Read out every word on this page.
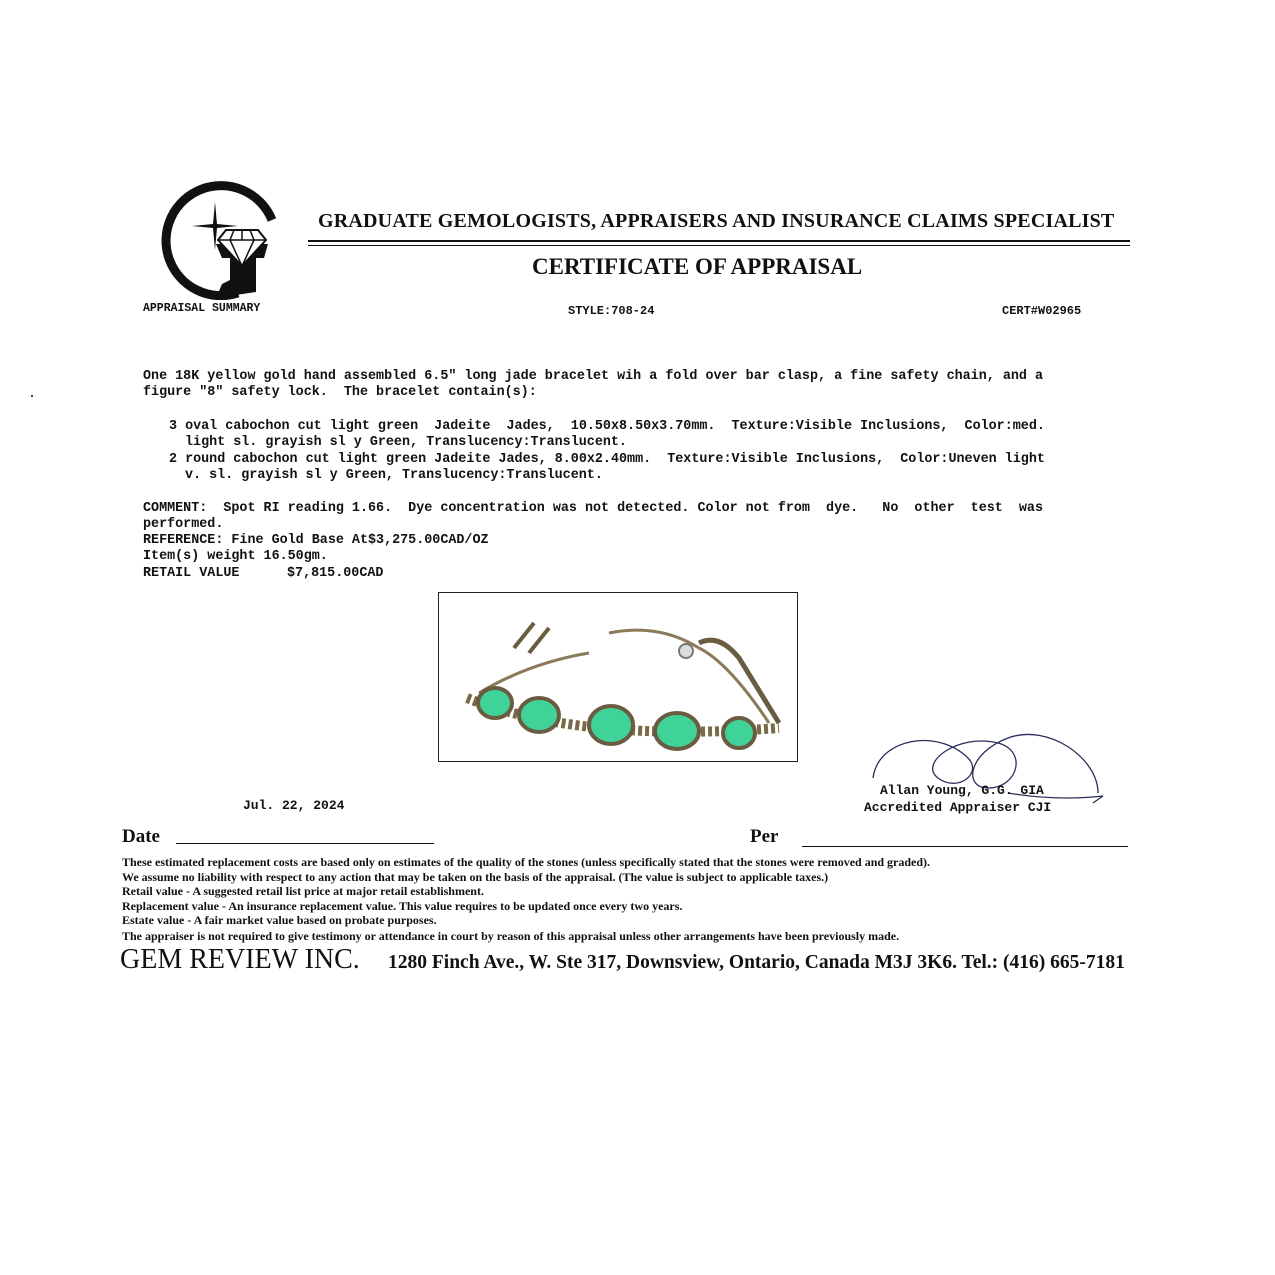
GRADUATE GEMOLOGISTS, APPRAISERS AND INSURANCE CLAIMS SPECIALIST
CERTIFICATE OF APPRAISAL
APPRAISAL SUMMARY	STYLE:708-24	CERT#W02965
One 18K yellow gold hand assembled 6.5" long jade bracelet wih a fold over bar clasp, a fine safety chain, and a
figure "8" safety lock.  The bracelet contain(s):
3 oval cabochon cut light green  Jadeite  Jades,  10.50x8.50x3.70mm.  Texture:Visible Inclusions,  Color:med.
light sl. grayish sl y Green, Translucency:Translucent.
2 round cabochon cut light green Jadeite Jades, 8.00x2.40mm.  Texture:Visible Inclusions,  Color:Uneven light
v. sl. grayish sl y Green, Translucency:Translucent.
COMMENT:  Spot RI reading 1.66.  Dye concentration was not detected. Color not from  dye.   No  other  test  was
performed.
REFERENCE: Fine Gold Base At$3,275.00CAD/OZ
Item(s) weight 16.50gm.
RETAIL VALUE	$7,815.00CAD
Allan Young, G.G. GIA
Accredited Appraiser CJI
Jul. 22, 2024
Date	Per
These estimated replacement costs are based only on estimates of the quality of the stones (unless specifically stated that the stones were removed and graded).
We assume no liability with respect to any action that may be taken on the basis of the appraisal. (The value is subject to applicable taxes.)
Retail value - A suggested retail list price at major retail establishment.
Replacement value - An insurance replacement value. This value requires to be updated once every two years.
Estate value - A fair market value based on probate purposes.
The appraiser is not required to give testimony or attendance in court by reason of this appraisal unless other arrangements have been previously made.
GEM REVIEW INC. 1280 Finch Ave., W. Ste 317, Downsview, Ontario, Canada M3J 3K6. Tel.: (416) 665-7181
